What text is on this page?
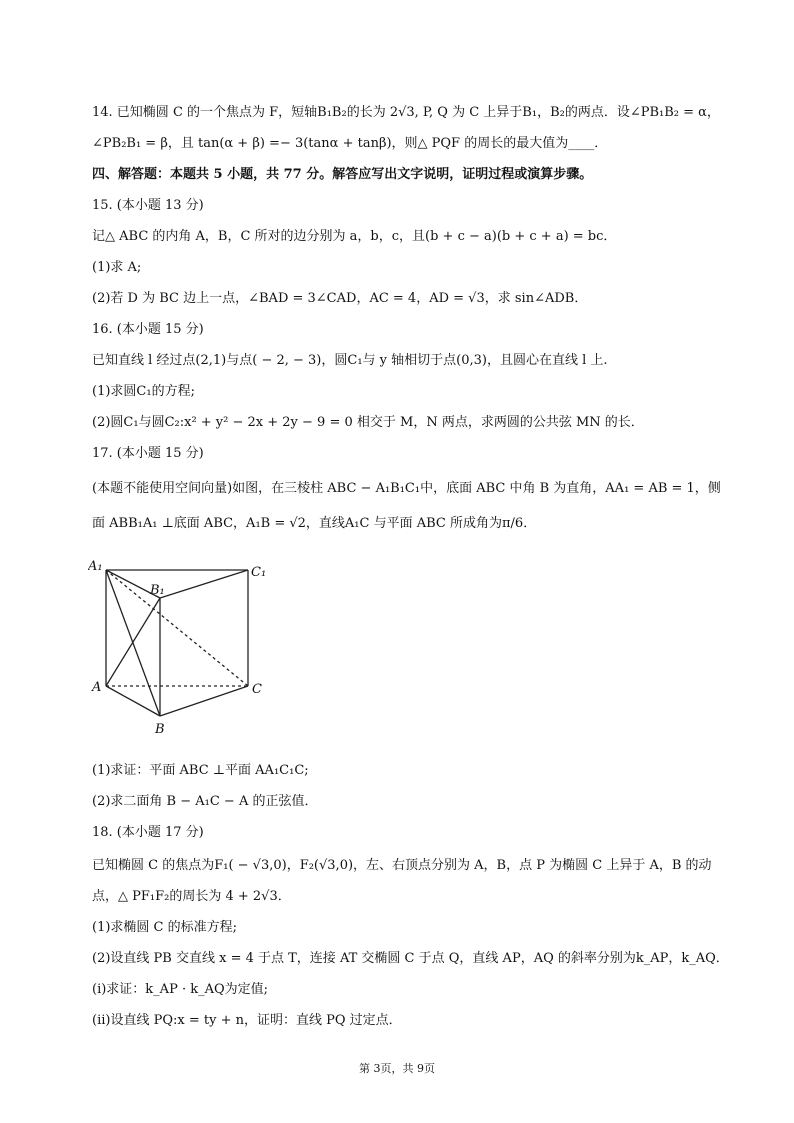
14. 已知椭圆 C 的一个焦点为 F，短轴B₁B₂的长为 2√3, P, Q 为 C 上异于B₁，B₂的两点．设∠PB₁B₂ = α，
∠PB₂B₁ = β，且 tan(α + β) =− 3(tanα + tanβ)，则△ PQF 的周长的最大值为____．
四、解答题：本题共 5 小题，共 77 分。解答应写出文字说明，证明过程或演算步骤。
15. (本小题 13 分)
记△ ABC 的内角 A，B，C 所对的边分别为 a，b，c，且(b + c − a)(b + c + a) = bc．
(1)求 A;
(2)若 D 为 BC 边上一点，∠BAD = 3∠CAD，AC = 4，AD = √3，求 sin∠ADB．
16. (本小题 15 分)
已知直线 l 经过点(2,1)与点( − 2, − 3)，圆C₁与 y 轴相切于点(0,3)，且圆心在直线 l 上.
(1)求圆C₁的方程;
(2)圆C₁与圆C₂:x² + y² − 2x + 2y − 9 = 0 相交于 M，N 两点，求两圆的公共弦 MN 的长．
17. (本小题 15 分)
(本题不能使用空间向量)如图，在三棱柱 ABC − A₁B₁C₁中，底面 ABC 中角 B 为直角，AA₁ = AB = 1，侧
面 ABB₁A₁ ⊥底面 ABC，A₁B = √2，直线A₁C 与平面 ABC 所成角为π/6．
A₁
B₁
C₁
A
B
C
(1)求证：平面 ABC ⊥平面 AA₁C₁C;
(2)求二面角 B − A₁C − A 的正弦值．
18. (本小题 17 分)
已知椭圆 C 的焦点为F₁( − √3,0)，F₂(√3,0)，左、右顶点分别为 A，B，点 P 为椭圆 C 上异于 A，B 的动
点，△ PF₁F₂的周长为 4 + 2√3．
(1)求椭圆 C 的标准方程;
(2)设直线 PB 交直线 x = 4 于点 T，连接 AT 交椭圆 C 于点 Q，直线 AP，AQ 的斜率分别为k_AP，k_AQ．
(ⅰ)求证：k_AP · k_AQ为定值;
(ⅱ)设直线 PQ:x = ty + n，证明：直线 PQ 过定点．
第 3页，共 9页
